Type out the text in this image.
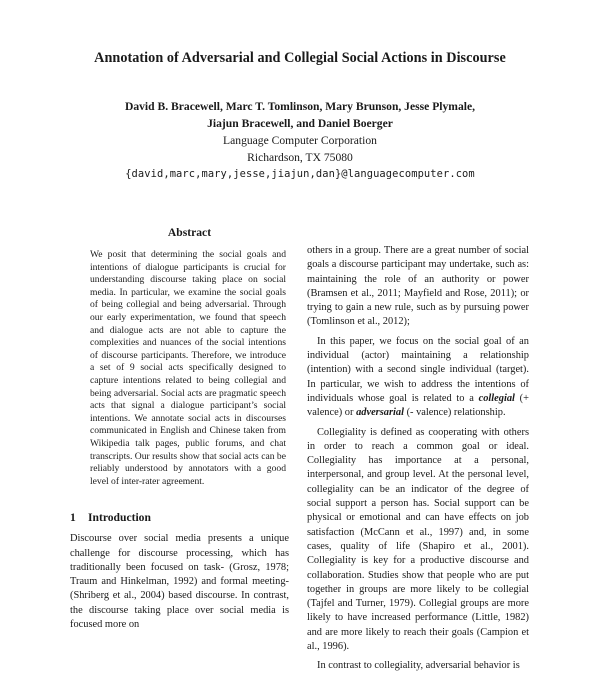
Annotation of Adversarial and Collegial Social Actions in Discourse
David B. Bracewell, Marc T. Tomlinson, Mary Brunson, Jesse Plymale,
Jiajun Bracewell, and Daniel Boerger
Language Computer Corporation
Richardson, TX 75080
{david,marc,mary,jesse,jiajun,dan}@languagecomputer.com
Abstract
We posit that determining the social goals and intentions of dialogue participants is crucial for understanding discourse taking place on social media. In particular, we examine the social goals of being collegial and being adversarial. Through our early experimentation, we found that speech and dialogue acts are not able to capture the complexities and nuances of the social intentions of discourse participants. Therefore, we introduce a set of 9 social acts specifically designed to capture intentions related to being collegial and being adversarial. Social acts are pragmatic speech acts that signal a dialogue participant’s social intentions. We annotate social acts in discourses communicated in English and Chinese taken from Wikipedia talk pages, public forums, and chat transcripts. Our results show that social acts can be reliably understood by annotators with a good level of inter-rater agreement.
1 Introduction

Discourse over social media presents a unique challenge for discourse processing, which has traditionally been focused on task- (Grosz, 1978; Traum and Hinkelman, 1992) and formal meeting- (Shriberg et al., 2004) based discourse. In contrast, the discourse taking place over social media is focused more on

others in a group. There are a great number of social goals a discourse participant may undertake, such as: maintaining the role of an authority or power (Bramsen et al., 2011; Mayfield and Rose, 2011); or trying to gain a new rule, such as by pursuing power (Tomlinson et al., 2012);

In this paper, we focus on the social goal of an individual (actor) maintaining a relationship (intention) with a second single individual (target). In particular, we wish to address the intentions of individuals whose goal is related to a collegial (+ valence) or adversarial (- valence) relationship.

Collegiality is defined as cooperating with others in order to reach a common goal or ideal. Collegiality has importance at a personal, interpersonal, and group level. At the personal level, collegiality can be an indicator of the degree of social support a person has. Social support can be physical or emotional and can have effects on job satisfaction (McCann et al., 1997) and, in some cases, quality of life (Shapiro et al., 2001). Collegiality is key for a productive discourse and collaboration. Studies show that people who are put together in groups are more likely to be collegial (Tajfel and Turner, 1979). Collegial groups are more likely to have increased performance (Little, 1982) and are more likely to reach their goals (Campion et al., 1996).

In contrast to collegiality, adversarial behavior is
